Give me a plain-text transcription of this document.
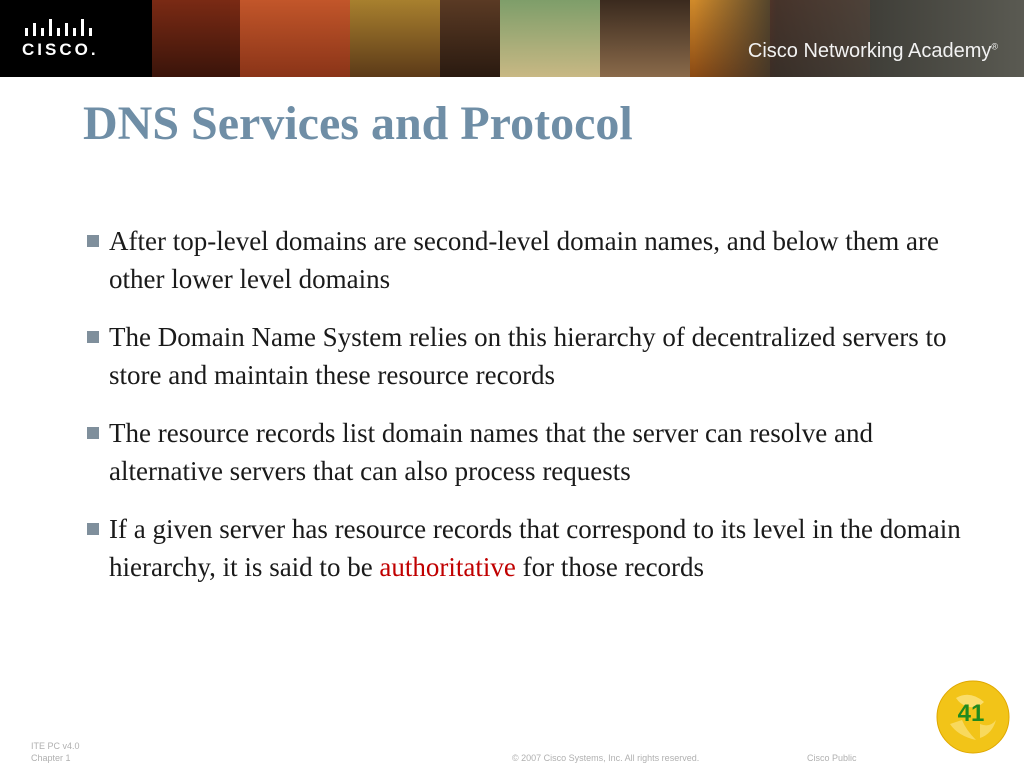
CISCO.	Cisco Networking Academy®
DNS Services and Protocol
After top-level domains are second-level domain names, and below them are other lower level domains
The Domain Name System relies on this hierarchy of decentralized servers to store and maintain these resource records
The resource records list domain names that the server can resolve and alternative servers that can also process requests
If a given server has resource records that correspond to its level in the domain hierarchy, it is said to be authoritative for those records
ITE PC v4.0
Chapter 1	© 2007 Cisco Systems, Inc. All rights reserved.	Cisco Public
41
